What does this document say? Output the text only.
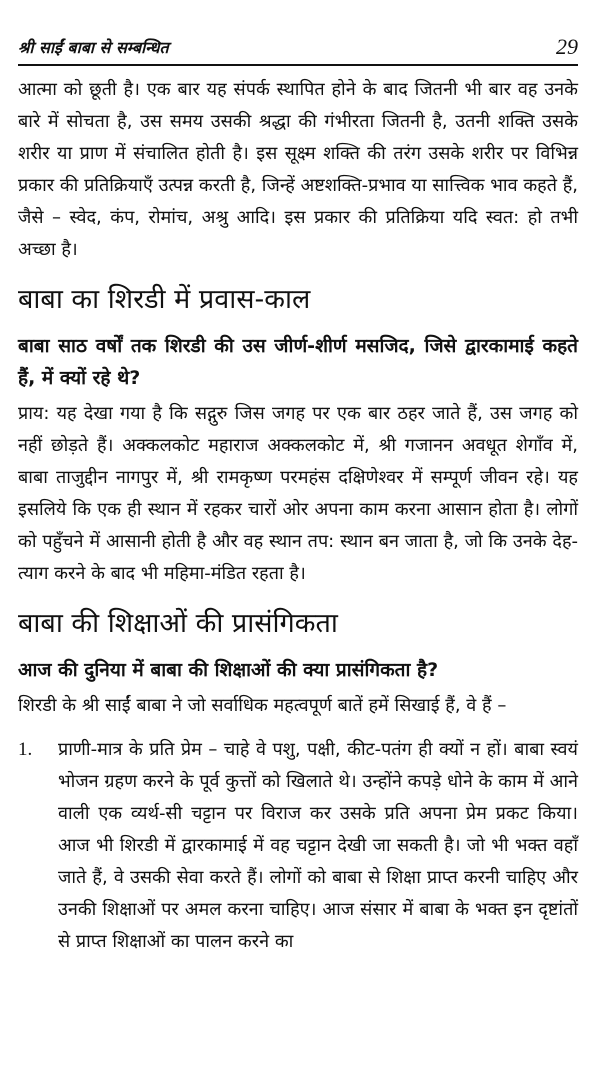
श्री साईं बाबा से सम्बन्धित	29

आत्मा को छूती है। एक बार यह संपर्क स्थापित होने के बाद जितनी भी बार वह उनके बारे में सोचता है, उस समय उसकी श्रद्धा की गंभीरता जितनी है, उतनी शक्ति उसके शरीर या प्राण में संचालित होती है। इस सूक्ष्म शक्ति की तरंग उसके शरीर पर विभिन्न प्रकार की प्रतिक्रियाएँ उत्पन्न करती है, जिन्हें अष्टशक्ति-प्रभाव या सात्त्विक भाव कहते हैं, जैसे – स्वेद, कंप, रोमांच, अश्रु आदि। इस प्रकार की प्रतिक्रिया यदि स्वत: हो तभी अच्छा है।

बाबा का शिरडी में प्रवास-काल

बाबा साठ वर्षों तक शिरडी की उस जीर्ण-शीर्ण मसजिद, जिसे द्वारकामाई कहते हैं, में क्यों रहे थे?

प्राय: यह देखा गया है कि सद्गुरु जिस जगह पर एक बार ठहर जाते हैं, उस जगह को नहीं छोड़ते हैं। अक्कलकोट महाराज अक्कलकोट में, श्री गजानन अवधूत शेगाँव में, बाबा ताजुद्दीन नागपुर में, श्री रामकृष्ण परमहंस दक्षिणेश्वर में सम्पूर्ण जीवन रहे। यह इसलिये कि एक ही स्थान में रहकर चारों ओर अपना काम करना आसान होता है। लोगों को पहुँचने में आसानी होती है और वह स्थान तप: स्थान बन जाता है, जो कि उनके देह-त्याग करने के बाद भी महिमा-मंडित रहता है।

बाबा की शिक्षाओं की प्रासंगिकता

आज की दुनिया में बाबा की शिक्षाओं की क्या प्रासंगिकता है?

शिरडी के श्री साईं बाबा ने जो सर्वाधिक महत्वपूर्ण बातें हमें सिखाई हैं, वे हैं –

1.	प्राणी-मात्र के प्रति प्रेम – चाहे वे पशु, पक्षी, कीट-पतंग ही क्यों न हों। बाबा स्वयं भोजन ग्रहण करने के पूर्व कुत्तों को खिलाते थे। उन्होंने कपड़े धोने के काम में आने वाली एक व्यर्थ-सी चट्टान पर विराज कर उसके प्रति अपना प्रेम प्रकट किया। आज भी शिरडी में द्वारकामाई में वह चट्टान देखी जा सकती है। जो भी भक्त वहाँ जाते हैं, वे उसकी सेवा करते हैं। लोगों को बाबा से शिक्षा प्राप्त करनी चाहिए और उनकी शिक्षाओं पर अमल करना चाहिए। आज संसार में बाबा के भक्त इन दृष्टांतों से प्राप्त शिक्षाओं का पालन करने का
